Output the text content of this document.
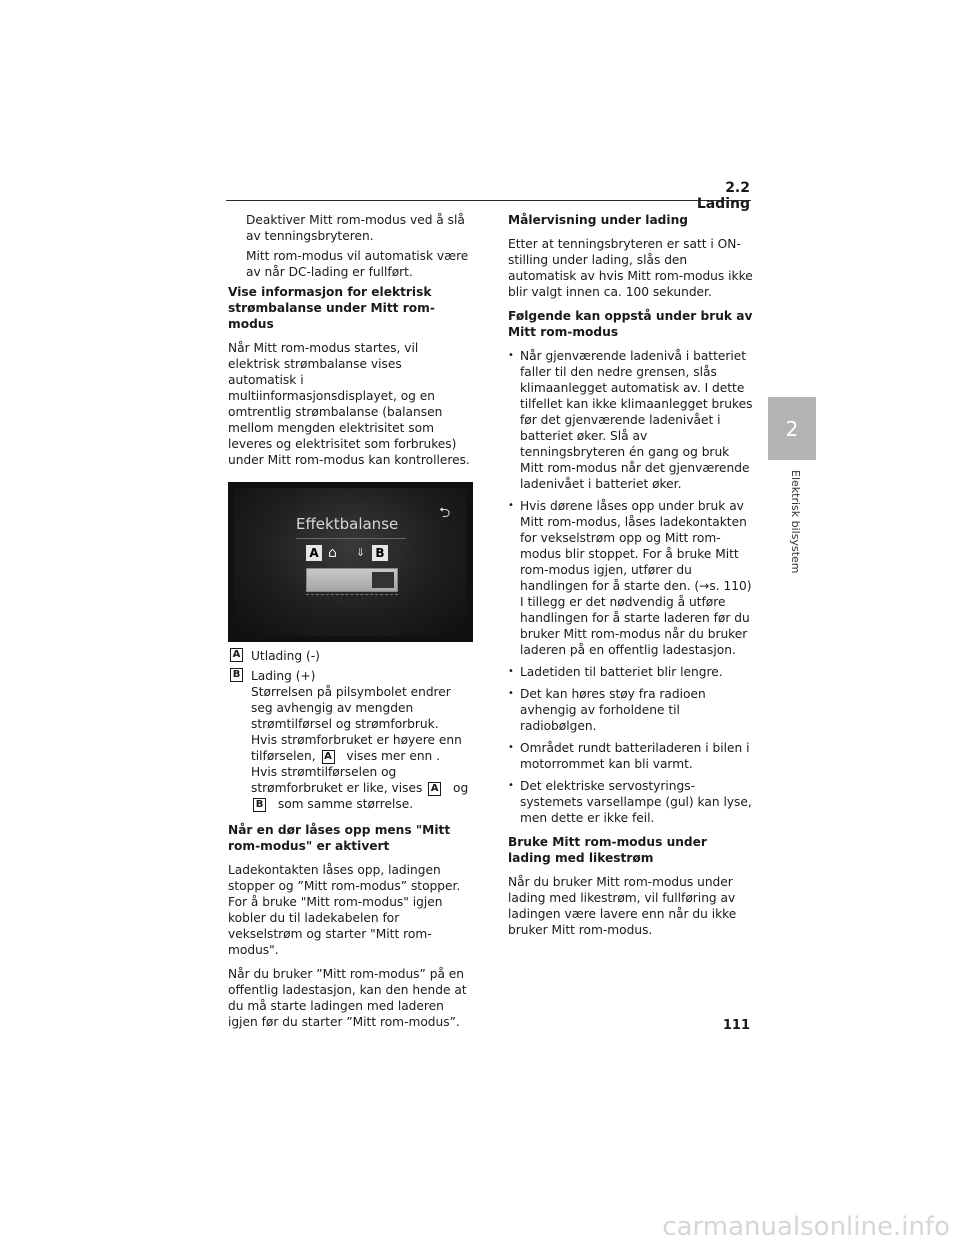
2.2 Lading
2
Elektrisk bilsystem

Deaktiver Mitt rom-modus ved å slå av tenningsbryteren.

Mitt rom-modus vil automatisk være av når DC-lading er fullført.

Vise informasjon for elektrisk strømbalanse under Mitt rom-modus

Når Mitt rom-modus startes, vil elektrisk strømbalanse vises automatisk i multiinformasjonsdisplayet, og en omtrentlig strømbalanse (balansen mellom mengden elektrisitet som leveres og elektrisitet som forbrukes) under Mitt rom-modus kan kontrolleres.

⮌
Effektbalanse
A ⌂ ⇓ B
A Utlading (-)
B Lading (+)
Størrelsen på pilsymbolet endrer seg avhengig av mengden strømtilførsel og strømforbruk.
Hvis strømforbruket er høyere enn tilførselen, A vises mer enn .
Hvis strømtilførselen og strømforbruket er like, vises A og B som samme størrelse.
Når en dør låses opp mens "Mitt rom-modus" er aktivert

Ladekontakten låses opp, ladingen stopper og ”Mitt rom-modus” stopper. For å bruke "Mitt rom-modus" igjen kobler du til ladekabelen for vekselstrøm og starter "Mitt rom-modus".

Når du bruker ”Mitt rom-modus” på en offentlig ladestasjon, kan den hende at du må starte ladingen med laderen igjen før du starter ”Mitt rom-modus”.

Målervisning under lading

Etter at tenningsbryteren er satt i ON-stilling under lading, slås den automatisk av hvis Mitt rom-modus ikke blir valgt innen ca. 100 sekunder.

Følgende kan oppstå under bruk av Mitt rom-modus
• Når gjenværende ladenivå i batteriet faller til den nedre grensen, slås klimaanlegget automatisk av. I dette tilfellet kan ikke klimaanlegget brukes før det gjenværende ladenivået i batteriet øker. Slå av tenningsbryteren én gang og bruk Mitt rom-modus når det gjenværende ladenivået i batteriet øker.
• Hvis dørene låses opp under bruk av Mitt rom-modus, låses ladekontakten for vekselstrøm opp og Mitt rom-modus blir stoppet. For å bruke Mitt rom-modus igjen, utfører du handlingen for å starte den. (→s. 110) I tillegg er det nødvendig å utføre handlingen for å starte laderen før du bruker Mitt rom-modus når du bruker laderen på en offentlig ladestasjon.
• Ladetiden til batteriet blir lengre.
• Det kan høres støy fra radioen avhengig av forholdene til radiobølgen.
• Området rundt batteriladeren i bilen i motorrommet kan bli varmt.
• Det elektriske servostyrings-systemets varsellampe (gul) kan lyse, men dette er ikke feil.
Bruke Mitt rom-modus under lading med likestrøm

Når du bruker Mitt rom-modus under lading med likestrøm, vil fullføring av ladingen være lavere enn når du ikke bruker Mitt rom-modus.

111
carmanualsonline.info
